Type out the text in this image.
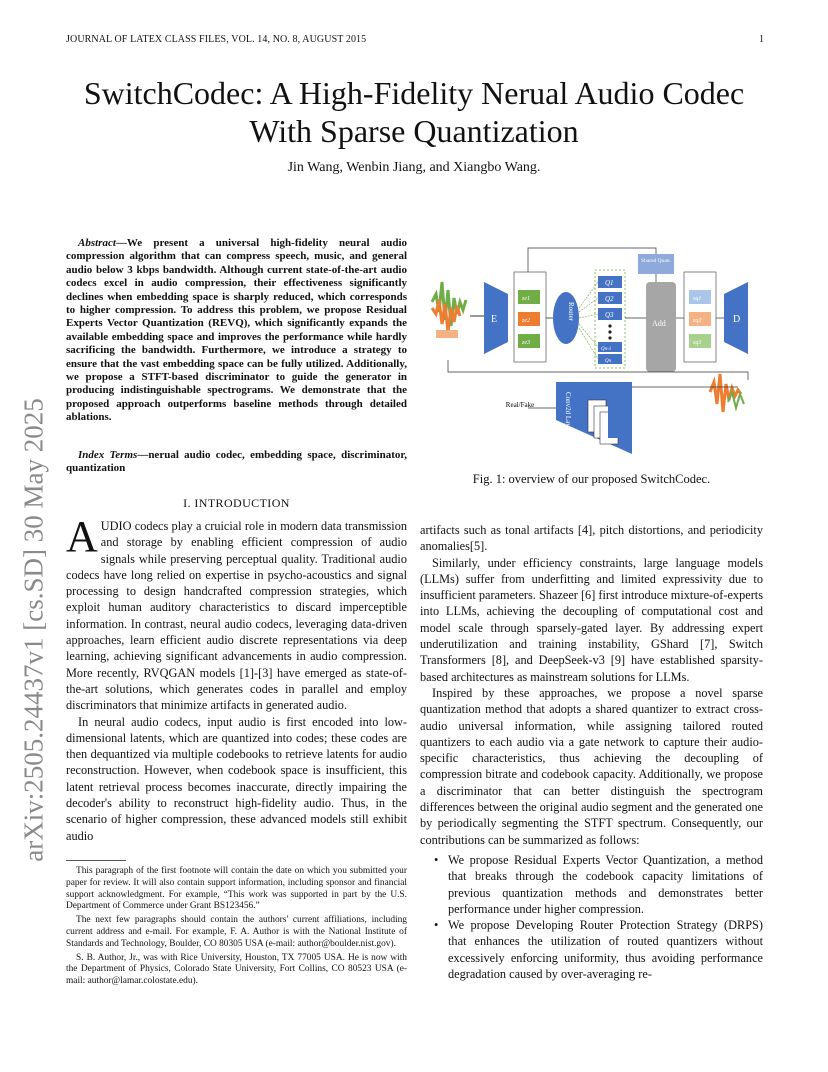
JOURNAL OF LATEX CLASS FILES, VOL. 14, NO. 8, AUGUST 2015	1
arXiv:2505.24437v1 [cs.SD] 30 May 2025
SwitchCodec: A High-Fidelity Nerual Audio Codec With Sparse Quantization
Jin Wang, Wenbin Jiang, and Xiangbo Wang.
Abstract—We present a universal high-fidelity neural audio compression algorithm that can compress speech, music, and general audio below 3 kbps bandwidth. Although current state-of-the-art audio codecs excel in audio compression, their effectiveness significantly declines when embedding space is sharply reduced, which corresponds to higher compression. To address this problem, we propose Residual Experts Vector Quantization (REVQ), which significantly expands the available embedding space and improves the performance while hardly sacrificing the bandwidth. Furthermore, we introduce a strategy to ensure that the vast embedding space can be fully utilized. Additionally, we propose a STFT-based discriminator to guide the generator in producing indistinguishable spectrograms. We demonstrate that the proposed approach outperforms baseline methods through detailed ablations.
Index Terms—nerual audio codec, embedding space, discriminator, quantization
I. INTRODUCTION

AUDIO codecs play a cruicial role in modern data transmission and storage by enabling efficient compression of audio signals while preserving perceptual quality. Traditional audio codecs have long relied on expertise in psycho-acoustics and signal processing to design handcrafted compression strategies, which exploit human auditory characteristics to discard imperceptible information. In contrast, neural audio codecs, leveraging data-driven approaches, learn efficient audio discrete representations via deep learning, achieving significant advancements in audio compression. More recently, RVQGAN models [1]-[3] have emerged as state-of-the-art solutions, which generates codes in parallel and employ discriminators that minimize artifacts in generated audio.

In neural audio codecs, input audio is first encoded into low-dimensional latents, which are quantized into codes; these codes are then dequantized via multiple codebooks to retrieve latents for audio reconstruction. However, when codebook space is insufficient, this latent retrieval process becomes inaccurate, directly impairing the decoder's ability to reconstruct high-fidelity audio. Thus, in the scenario of higher compression, these advanced models still exhibit audio

This paragraph of the first footnote will contain the date on which you submitted your paper for review. It will also contain support information, including sponsor and financial support acknowledgment. For example, “This work was supported in part by the U.S. Department of Commerce under Grant BS123456.”

The next few paragraphs should contain the authors' current affiliations, including current address and e-mail. For example, F. A. Author is with the National Institute of Standards and Technology, Boulder, CO 80305 USA (e-mail: author@boulder.nist.gov).

S. B. Author, Jr., was with Rice University, Houston, TX 77005 USA. He is now with the Department of Physics, Colorado State University, Fort Collins, CO 80523 USA (e-mail: author@lamar.colostate.edu).

E
ze1
ze2
ze3
Router
Q1
Q2
Q3
Qn-1
Qn
Shared Quan.
Add
zq1
zq2
zq3
D
Conv2d Layers
Real/Fake
Fig. 1: overview of our proposed SwitchCodec.

artifacts such as tonal artifacts [4], pitch distortions, and periodicity anomalies[5].

Similarly, under efficiency constraints, large language models (LLMs) suffer from underfitting and limited expressivity due to insufficient parameters. Shazeer [6] first introduce mixture-of-experts into LLMs, achieving the decoupling of computational cost and model scale through sparsely-gated layer. By addressing expert underutilization and training instability, GShard [7], Switch Transformers [8], and DeepSeek-v3 [9] have established sparsity-based architectures as mainstream solutions for LLMs.

Inspired by these approaches, we propose a novel sparse quantization method that adopts a shared quantizer to extract cross-audio universal information, while assigning tailored routed quantizers to each audio via a gate network to capture their audio-specific characteristics, thus achieving the decoupling of compression bitrate and codebook capacity. Additionally, we propose a discriminator that can better distinguish the spectrogram differences between the original audio segment and the generated one by periodically segmenting the STFT spectrum. Consequently, our contributions can be summarized as follows:

• We propose Residual Experts Vector Quantization, a method that breaks through the codebook capacity limitations of previous quantization methods and demonstrates better performance under higher compression.
• We propose Developing Router Protection Strategy (DRPS) that enhances the utilization of routed quantizers without excessively enforcing uniformity, thus avoiding performance degradation caused by over-averaging re-
